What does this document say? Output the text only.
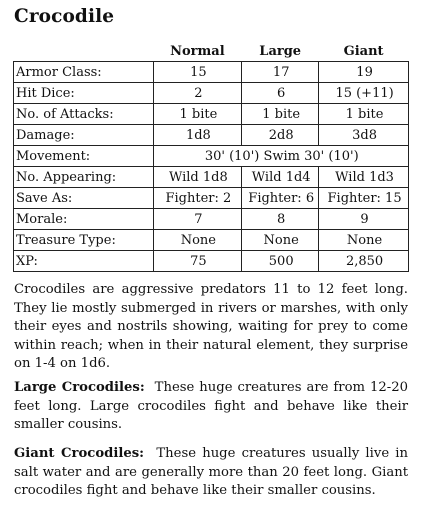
Crocodile
	Normal	Large	Giant
Armor Class:	15	17	19
Hit Dice:	2	6	15 (+11)
No. of Attacks:	1 bite	1 bite	1 bite
Damage:	1d8	2d8	3d8
Movement:	30' (10') Swim 30' (10')		
No. Appearing:	Wild 1d8	Wild 1d4	Wild 1d3
Save As:	Fighter: 2	Fighter: 6	Fighter: 15
Morale:	7	8	9
Treasure Type:	None	None	None
XP:	75	500	2,850

Crocodiles are aggressive predators 11 to 12 feet long. They lie mostly submerged in rivers or marshes, with only their eyes and nostrils showing, waiting for prey to come within reach; when in their natural element, they surprise on 1-4 on 1d6.

Large Crocodiles: These huge creatures are from 12-20 feet long. Large crocodiles fight and behave like their smaller cousins.

Giant Crocodiles: These huge creatures usually live in salt water and are generally more than 20 feet long. Giant crocodiles fight and behave like their smaller cousins.
